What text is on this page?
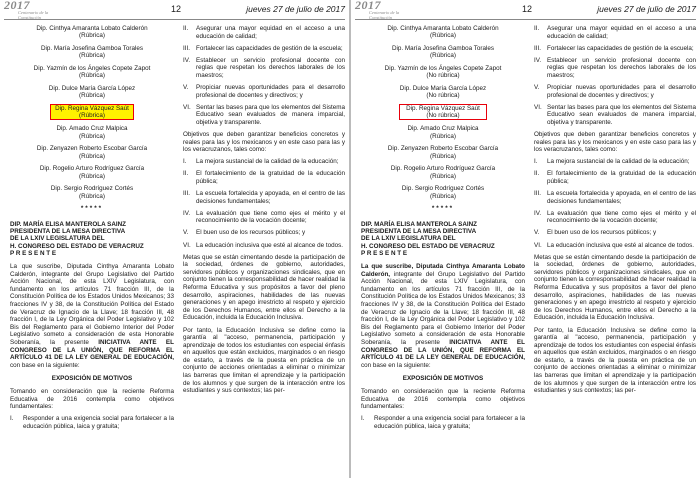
2017
Centenario de la
Constitución
12	jueves 27 de julio de 2017
Dip. Cinthya Amaranta Lobato Calderón
(Rúbrica)
Dip. María Josefina Gamboa Torales
(Rúbrica)
Dip. Yazmín de los Ángeles Copete Zapot
(Rúbrica)
Dip. Dulce María García López
(Rúbrica)
Dip. Regina Vázquez Saút
(Rúbrica)
Dip. Amado Cruz Malpica
(Rúbrica)
Dip. Zenyazen Roberto Escobar García
(Rúbrica)
Dip. Rogelio Arturo Rodríguez García
(Rúbrica)
Dip. Sergio Rodríguez Cortés
(Rúbrica)
*****
DIP. MARÍA ELISA MANTEROLA SAINZ
PRESIDENTA DE LA MESA DIRECTIVA
DE LA LXIV LEGISLATURA DEL
H. CONGRESO DEL ESTADO DE VERACRUZ
P R E S E N T E

La que suscribe, Diputada Cinthya Amaranta Lobato Calderón, integrante del Grupo Legislativo del Partido Acción Nacional, de esta LXIV Legislatura, con fundamento en los artículos 71 fracción III, de la Constitución Política de los Estados Unidos Mexicanos; 33 fracciones IV y 38, de la Constitución Política del Estado de Veracruz de Ignacio de la Llave; 18 fracción III, 48 fracción I, de la Ley Orgánica del Poder Legislativo y 102 Bis del Reglamento para el Gobierno Interior del Poder Legislativo someto a consideración de esta Honorable Soberanía, la presente INICIATIVA ANTE EL CONGRESO DE LA UNIÓN, QUE REFORMA EL ARTÍCULO 41 DE LA LEY GENERAL DE EDUCACIÓN, con base en la siguiente:

EXPOSICIÓN DE MOTIVOS

Tomando en consideración que la reciente Reforma Educativa de 2016 contempla como objetivos fundamentales:

I. Responder a una exigencia social para fortalecer a la educación pública, laica y gratuita;
II. Asegurar una mayor equidad en el acceso a una educación de calidad;
III. Fortalecer las capacidades de gestión de la escuela;
IV. Establecer un servicio profesional docente con reglas que respetan los derechos laborales de los maestros;
V. Propiciar nuevas oportunidades para el desarrollo profesional de docentes y directivos; y
VI. Sentar las bases para que los elementos del Sistema Educativo sean evaluados de manera imparcial, objetiva y transparente.

Objetivos que deben garantizar beneficios concretos y reales para las y los mexicanos y en este caso para las y los veracruzanos, tales como:

I. La mejora sustancial de la calidad de la educación;
II. El fortalecimiento de la gratuidad de la educación pública;
III. La escuela fortalecida y apoyada, en el centro de las decisiones fundamentales;
IV. La evaluación que tiene como ejes el mérito y el reconocimiento de la vocación docente;
V. El buen uso de los recursos públicos; y
VI. La educación inclusiva que esté al alcance de todos.

Metas que se están cimentando desde la participación de la sociedad, órdenes de gobierno, autoridades, servidores públicos y organizaciones sindicales, que en conjunto tienen la corresponsabilidad de hacer realidad la Reforma Educativa y sus propósitos a favor del pleno desarrollo, aspiraciones, habilidades de las nuevas generaciones y en apego irrestricto al respeto y ejercicio de los Derechos Humanos, entre ellos el Derecho a la Educación, incluida la Educación Inclusiva.

Por tanto, la Educación Inclusiva se define como la garantía al "acceso, permanencia, participación y aprendizaje de todos los estudiantes con especial énfasis en aquellos que están excluidos, marginados o en riesgo de estarlo, a través de la puesta en práctica de un conjunto de acciones orientadas a eliminar o minimizar las barreras que limitan el aprendizaje y la participación de los alumnos y que surgen de la interacción entre los estudiantes y sus contextos; las per-

2017
Centenario de la
Constitución
12	jueves 27 de julio de 2017
Dip. Cinthya Amaranta Lobato Calderón
(Rúbrica)
Dip. María Josefina Gamboa Torales
(Rúbrica)
Dip. Yazmín de los Ángeles Copete Zapot
(No rúbrica)
Dip. Dulce María García López
(No rúbrica)
Dip. Regina Vázquez Saút
(No rúbrica)
Dip. Amado Cruz Malpica
(Rúbrica)
Dip. Zenyazen Roberto Escobar García
(Rúbrica)
Dip. Rogelio Arturo Rodríguez García
(Rúbrica)
Dip. Sergio Rodríguez Cortés
(Rúbrica)
*****
DIP. MARÍA ELISA MANTEROLA SAINZ
PRESIDENTA DE LA MESA DIRECTIVA
DE LA LXIV LEGISLATURA DEL
H. CONGRESO DEL ESTADO DE VERACRUZ
P R E S E N T E

La que suscribe, Diputada Cinthya Amaranta Lobato Calderón, integrante del Grupo Legislativo del Partido Acción Nacional, de esta LXIV Legislatura, con fundamento en los artículos 71 fracción III, de la Constitución Política de los Estados Unidos Mexicanos; 33 fracciones IV y 38, de la Constitución Política del Estado de Veracruz de Ignacio de la Llave; 18 fracción III, 48 fracción I, de la Ley Orgánica del Poder Legislativo y 102 Bis del Reglamento para el Gobierno Interior del Poder Legislativo someto a consideración de esta Honorable Soberanía, la presente INICIATIVA ANTE EL CONGRESO DE LA UNIÓN, QUE REFORMA EL ARTÍCULO 41 DE LA LEY GENERAL DE EDUCACIÓN, con base en la siguiente:

EXPOSICIÓN DE MOTIVOS

Tomando en consideración que la reciente Reforma Educativa de 2016 contempla como objetivos fundamentales:

I. Responder a una exigencia social para fortalecer a la educación pública, laica y gratuita;
II. Asegurar una mayor equidad en el acceso a una educación de calidad;
III. Fortalecer las capacidades de gestión de la escuela;
IV. Establecer un servicio profesional docente con reglas que respetan los derechos laborales de los maestros;
V. Propiciar nuevas oportunidades para el desarrollo profesional de docentes y directivos; y
VI. Sentar las bases para que los elementos del Sistema Educativo sean evaluados de manera imparcial, objetiva y transparente.

Objetivos que deben garantizar beneficios concretos y reales para las y los mexicanos y en este caso para las y los veracruzanos, tales como:

I. La mejora sustancial de la calidad de la educación;
II. El fortalecimiento de la gratuidad de la educación pública;
III. La escuela fortalecida y apoyada, en el centro de las decisiones fundamentales;
IV. La evaluación que tiene como ejes el mérito y el reconocimiento de la vocación docente;
V. El buen uso de los recursos públicos; y
VI. La educación inclusiva que esté al alcance de todos.

Metas que se están cimentando desde la participación de la sociedad, órdenes de gobierno, autoridades, servidores públicos y organizaciones sindicales, que en conjunto tienen la corresponsabilidad de hacer realidad la Reforma Educativa y sus propósitos a favor del pleno desarrollo, aspiraciones, habilidades de las nuevas generaciones y en apego irrestricto al respeto y ejercicio de los Derechos Humanos, entre ellos el Derecho a la Educación, incluida la Educación Inclusiva.

Por tanto, la Educación Inclusiva se define como la garantía al "acceso, permanencia, participación y aprendizaje de todos los estudiantes con especial énfasis en aquellos que están excluidos, marginados o en riesgo de estarlo, a través de la puesta en práctica de un conjunto de acciones orientadas a eliminar o minimizar las barreras que limitan el aprendizaje y la participación de los alumnos y que surgen de la interacción entre los estudiantes y sus contextos; las per-
